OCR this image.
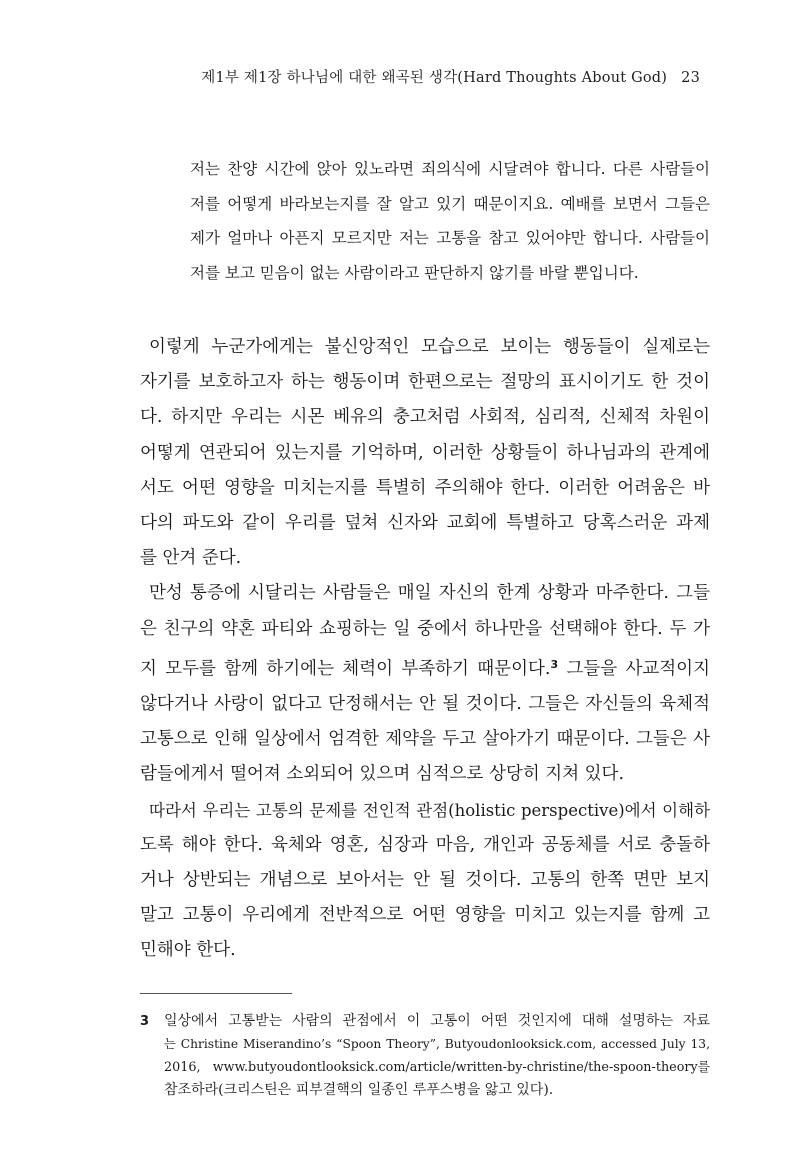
제1부 제1장 하나님에 대한 왜곡된 생각(Hard Thoughts About God) 23
저는 찬양 시간에 앉아 있노라면 죄의식에 시달려야 합니다. 다른 사람들이
저를 어떻게 바라보는지를 잘 알고 있기 때문이지요. 예배를 보면서 그들은
제가 얼마나 아픈지 모르지만 저는 고통을 참고 있어야만 합니다. 사람들이
저를 보고 믿음이 없는 사람이라고 판단하지 않기를 바랄 뿐입니다.
이렇게 누군가에게는 불신앙적인 모습으로 보이는 행동들이 실제로는
자기를 보호하고자 하는 행동이며 한편으로는 절망의 표시이기도 한 것이
다. 하지만 우리는 시몬 베유의 충고처럼 사회적, 심리적, 신체적 차원이
어떻게 연관되어 있는지를 기억하며, 이러한 상황들이 하나님과의 관계에
서도 어떤 영향을 미치는지를 특별히 주의해야 한다. 이러한 어려움은 바
다의 파도와 같이 우리를 덮쳐 신자와 교회에 특별하고 당혹스러운 과제
를 안겨 준다.
만성 통증에 시달리는 사람들은 매일 자신의 한계 상황과 마주한다. 그들
은 친구의 약혼 파티와 쇼핑하는 일 중에서 하나만을 선택해야 한다. 두 가
지 모두를 함께 하기에는 체력이 부족하기 때문이다.$^3$ 그들을 사교적이지
않다거나 사랑이 없다고 단정해서는 안 될 것이다. 그들은 자신들의 육체적
고통으로 인해 일상에서 엄격한 제약을 두고 살아가기 때문이다. 그들은 사
람들에게서 떨어져 소외되어 있으며 심적으로 상당히 지쳐 있다.
따라서 우리는 고통의 문제를 전인적 관점(holistic perspective)에서 이해하
도록 해야 한다. 육체와 영혼, 심장과 마음, 개인과 공동체를 서로 충돌하
거나 상반되는 개념으로 보아서는 안 될 것이다. 고통의 한쪽 면만 보지
말고 고통이 우리에게 전반적으로 어떤 영향을 미치고 있는지를 함께 고
민해야 한다.
3 일상에서 고통받는 사람의 관점에서 이 고통이 어떤 것인지에 대해 설명하는 자료
는 Christine Miserandino’s “Spoon Theory”, Butyoudonlooksick.com, accessed July 13,
2016, www.butyoudontlooksick.com/article/written-by-christine/the-spoon-theory를
참조하라(크리스틴은 피부결핵의 일종인 루푸스병을 앓고 있다).
